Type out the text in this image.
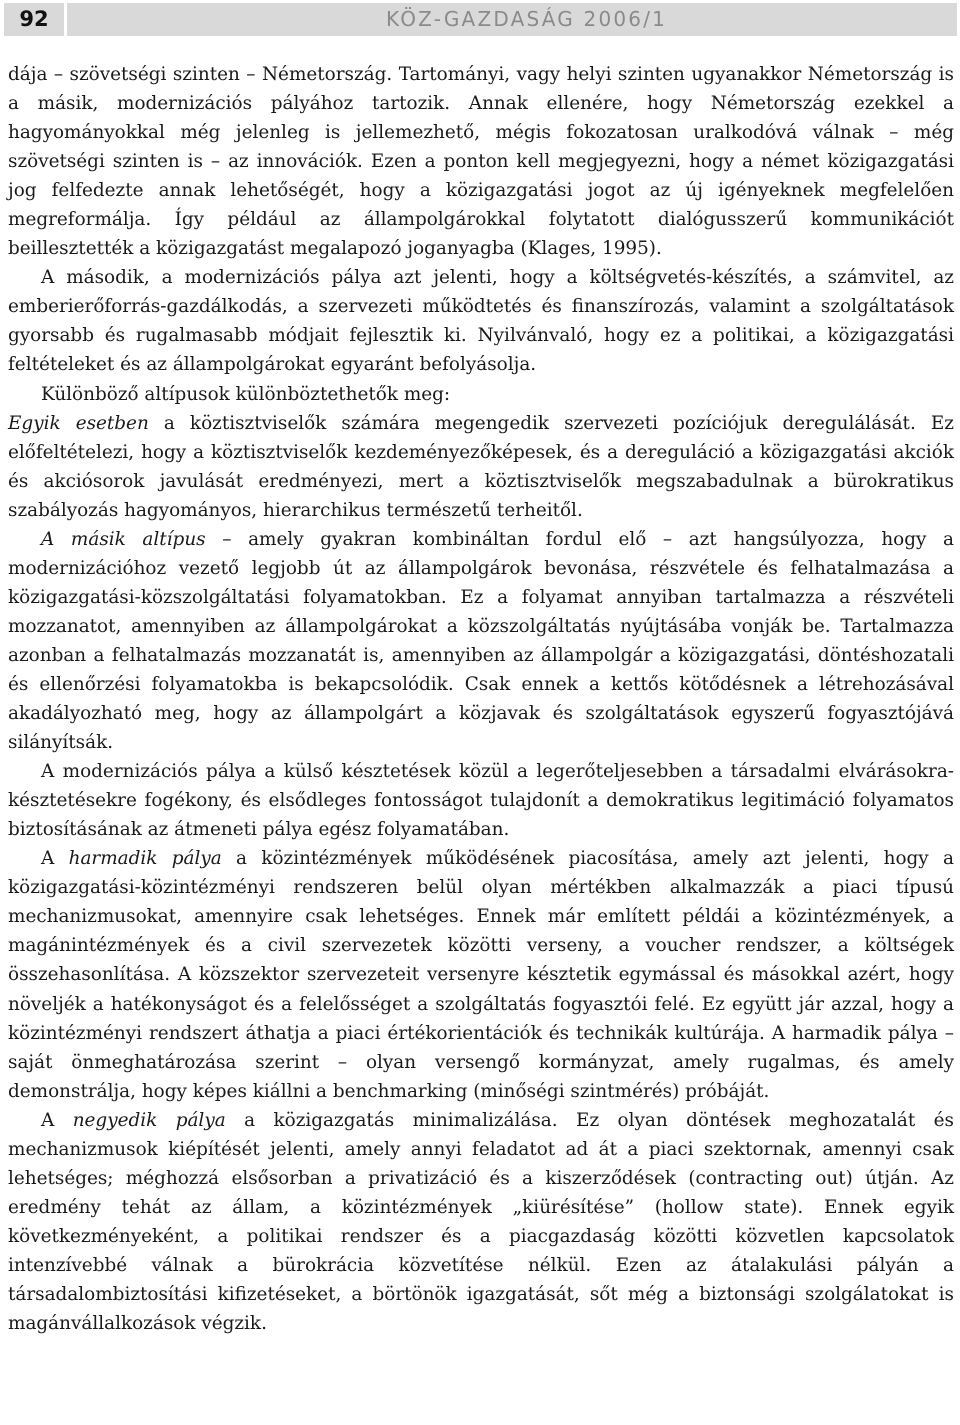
92	KÖZ-GAZDASÁG 2006/1

dája – szövetségi szinten – Németország. Tartományi, vagy helyi szinten ugyanakkor Németország is a másik, modernizációs pályához tartozik. Annak ellenére, hogy Németország ezekkel a hagyományokkal még jelenleg is jellemezhető, mégis fokozatosan uralkodóvá válnak – még szövetségi szinten is – az innovációk. Ezen a ponton kell megjegyezni, hogy a német közigazgatási jog felfedezte annak lehetőségét, hogy a közigazgatási jogot az új igényeknek megfelelően megreformálja. Így például az állampolgárokkal folytatott dialógusszerű kommunikációt beillesztették a közigazgatást megalapozó joganyagba (Klages, 1995).

A második, a modernizációs pálya azt jelenti, hogy a költségvetés-készítés, a számvitel, az emberierőforrás-gazdálkodás, a szervezeti működtetés és finanszírozás, valamint a szolgáltatások gyorsabb és rugalmasabb módjait fejlesztik ki. Nyilvánvaló, hogy ez a politikai, a közigazgatási feltételeket és az állampolgárokat egyaránt befolyásolja.

Különböző altípusok különböztethetők meg:

Egyik esetben a köztisztviselők számára megengedik szervezeti pozíciójuk deregulálását. Ez előfeltételezi, hogy a köztisztviselők kezdeményezőképesek, és a dereguláció a közigazgatási akciók és akciósorok javulását eredményezi, mert a köztisztviselők megszabadulnak a bürokratikus szabályozás hagyományos, hierarchikus természetű terheitől.

A másik altípus – amely gyakran kombináltan fordul elő – azt hangsúlyozza, hogy a modernizációhoz vezető legjobb út az állampolgárok bevonása, részvétele és felhatalmazása a közigazgatási-közszolgáltatási folyamatokban. Ez a folyamat annyiban tartalmazza a részvételi mozzanatot, amennyiben az állampolgárokat a közszolgáltatás nyújtásába vonják be. Tartalmazza azonban a felhatalmazás mozzanatát is, amennyiben az állampolgár a közigazgatási, döntéshozatali és ellenőrzési folyamatokba is bekapcsolódik. Csak ennek a kettős kötődésnek a létrehozásával akadályozható meg, hogy az állampolgárt a közjavak és szolgáltatások egyszerű fogyasztójává silányítsák.

A modernizációs pálya a külső késztetések közül a legerőteljesebben a társadalmi elvárásokra-késztetésekre fogékony, és elsődleges fontosságot tulajdonít a demokratikus legitimáció folyamatos biztosításának az átmeneti pálya egész folyamatában.

A harmadik pálya a közintézmények működésének piacosítása, amely azt jelenti, hogy a közigazgatási-közintézményi rendszeren belül olyan mértékben alkalmazzák a piaci típusú mechanizmusokat, amennyire csak lehetséges. Ennek már említett példái a közintézmények, a magánintézmények és a civil szervezetek közötti verseny, a voucher rendszer, a költségek összehasonlítása. A közszektor szervezeteit versenyre késztetik egymással és másokkal azért, hogy növeljék a hatékonyságot és a felelősséget a szolgáltatás fogyasztói felé. Ez együtt jár azzal, hogy a közintézményi rendszert áthatja a piaci értékorientációk és technikák kultúrája. A harmadik pálya – saját önmeghatározása szerint – olyan versengő kormányzat, amely rugalmas, és amely demonstrálja, hogy képes kiállni a benchmarking (minőségi szintmérés) próbáját.

A negyedik pálya a közigazgatás minimalizálása. Ez olyan döntések meghozatalát és mechanizmusok kiépítését jelenti, amely annyi feladatot ad át a piaci szektornak, amennyi csak lehetséges; méghozzá elsősorban a privatizáció és a kiszerződések (contracting out) útján. Az eredmény tehát az állam, a közintézmények „kiürésítése” (hollow state). Ennek egyik következményeként, a politikai rendszer és a piacgazdaság közötti közvetlen kapcsolatok intenzívebbé válnak a bürokrácia közvetítése nélkül. Ezen az átalakulási pályán a társadalombiztosítási kifizetéseket, a börtönök igazgatását, sőt még a biztonsági szolgálatokat is magánvállalkozások végzik.
